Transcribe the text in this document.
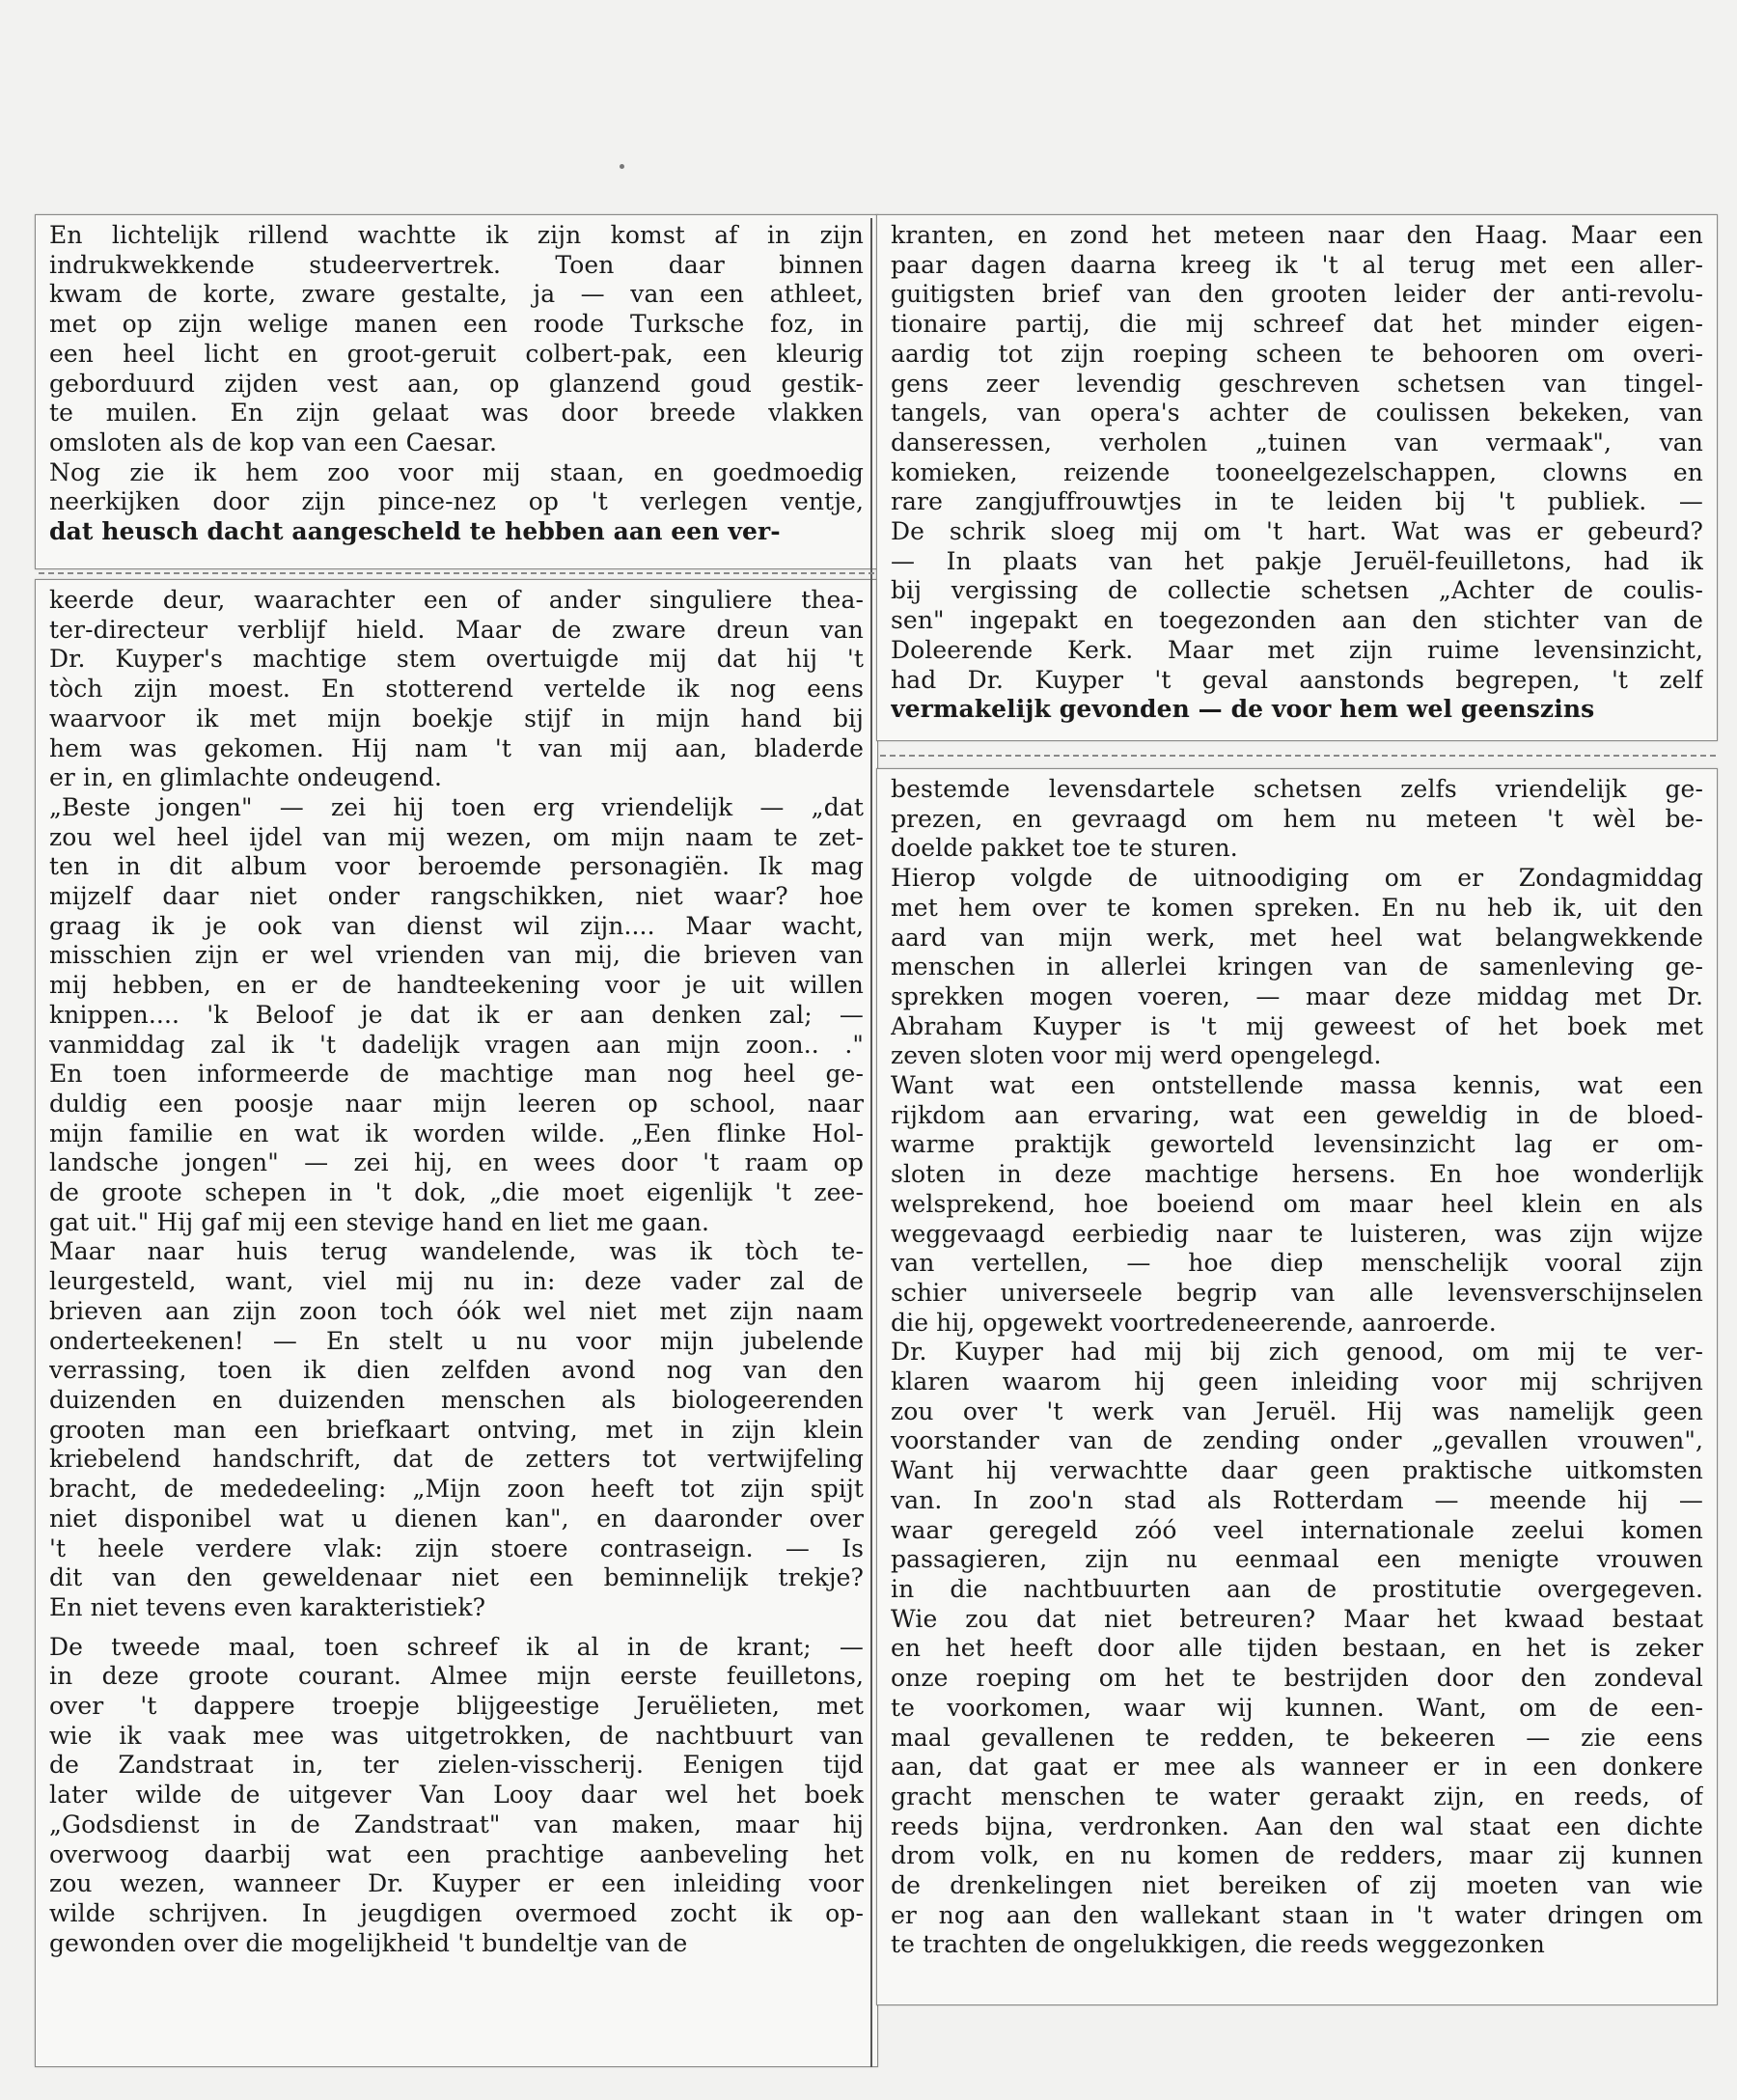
En lichtelijk rillend wachtte ik zijn komst af in zijn

indrukwekkende studeervertrek. Toen daar binnen

kwam de korte, zware gestalte, ja — van een athleet,

met op zijn welige manen een roode Turksche foz, in

een heel licht en groot-geruit colbert-pak, een kleurig

geborduurd zijden vest aan, op glanzend goud gestik-

te muilen. En zijn gelaat was door breede vlakken

omsloten als de kop van een Caesar.

Nog zie ik hem zoo voor mij staan, en goedmoedig

neerkijken door zijn pince-nez op 't verlegen ventje,

dat heusch dacht aangescheld te hebben aan een ver-

keerde deur, waarachter een of ander singuliere thea-

ter-directeur verblijf hield. Maar de zware dreun van

Dr. Kuyper's machtige stem overtuigde mij dat hij 't

tòch zijn moest. En stotterend vertelde ik nog eens

waarvoor ik met mijn boekje stijf in mijn hand bij

hem was gekomen. Hij nam 't van mij aan, bladerde

er in, en glimlachte ondeugend.

„Beste jongen" — zei hij toen erg vriendelijk — „dat

zou wel heel ijdel van mij wezen, om mijn naam te zet-

ten in dit album voor beroemde personagiën. Ik mag

mijzelf daar niet onder rangschikken, niet waar? hoe

graag ik je ook van dienst wil zijn.... Maar wacht,

misschien zijn er wel vrienden van mij, die brieven van

mij hebben, en er de handteekening voor je uit willen

knippen.... 'k Beloof je dat ik er aan denken zal; —

vanmiddag zal ik 't dadelijk vragen aan mijn zoon.. ."

En toen informeerde de machtige man nog heel ge-

duldig een poosje naar mijn leeren op school, naar

mijn familie en wat ik worden wilde. „Een flinke Hol-

landsche jongen" — zei hij, en wees door 't raam op

de groote schepen in 't dok, „die moet eigenlijk 't zee-

gat uit." Hij gaf mij een stevige hand en liet me gaan.

Maar naar huis terug wandelende, was ik tòch te-

leurgesteld, want, viel mij nu in: deze vader zal de

brieven aan zijn zoon toch óók wel niet met zijn naam

onderteekenen! — En stelt u nu voor mijn jubelende

verrassing, toen ik dien zelfden avond nog van den

duizenden en duizenden menschen als biologeerenden

grooten man een briefkaart ontving, met in zijn klein

kriebelend handschrift, dat de zetters tot vertwijfeling

bracht, de mededeeling: „Mijn zoon heeft tot zijn spijt

niet disponibel wat u dienen kan", en daaronder over

't heele verdere vlak: zijn stoere contraseign. — Is

dit van den geweldenaar niet een beminnelijk trekje?

En niet tevens even karakteristiek?

De tweede maal, toen schreef ik al in de krant; —

in deze groote courant. Almee mijn eerste feuilletons,

over 't dappere troepje blijgeestige Jeruëlieten, met

wie ik vaak mee was uitgetrokken, de nachtbuurt van

de Zandstraat in, ter zielen-visscherij. Eenigen tijd

later wilde de uitgever Van Looy daar wel het boek

„Godsdienst in de Zandstraat" van maken, maar hij

overwoog daarbij wat een prachtige aanbeveling het

zou wezen, wanneer Dr. Kuyper er een inleiding voor

wilde schrijven. In jeugdigen overmoed zocht ik op-

gewonden over die mogelijkheid 't bundeltje van de

kranten, en zond het meteen naar den Haag. Maar een

paar dagen daarna kreeg ik 't al terug met een aller-

guitigsten brief van den grooten leider der anti-revolu-

tionaire partij, die mij schreef dat het minder eigen-

aardig tot zijn roeping scheen te behooren om overi-

gens zeer levendig geschreven schetsen van tingel-

tangels, van opera's achter de coulissen bekeken, van

danseressen, verholen „tuinen van vermaak", van

komieken, reizende tooneelgezelschappen, clowns en

rare zangjuffrouwtjes in te leiden bij 't publiek. —

De schrik sloeg mij om 't hart. Wat was er gebeurd?

— In plaats van het pakje Jeruël-feuilletons, had ik

bij vergissing de collectie schetsen „Achter de coulis-

sen" ingepakt en toegezonden aan den stichter van de

Doleerende Kerk. Maar met zijn ruime levensinzicht,

had Dr. Kuyper 't geval aanstonds begrepen, 't zelf

vermakelijk gevonden — de voor hem wel geenszins

bestemde levensdartele schetsen zelfs vriendelijk ge-

prezen, en gevraagd om hem nu meteen 't wèl be-

doelde pakket toe te sturen.

Hierop volgde de uitnoodiging om er Zondagmiddag

met hem over te komen spreken. En nu heb ik, uit den

aard van mijn werk, met heel wat belangwekkende

menschen in allerlei kringen van de samenleving ge-

sprekken mogen voeren, — maar deze middag met Dr.

Abraham Kuyper is 't mij geweest of het boek met

zeven sloten voor mij werd opengelegd.

Want wat een ontstellende massa kennis, wat een

rijkdom aan ervaring, wat een geweldig in de bloed-

warme praktijk geworteld levensinzicht lag er om-

sloten in deze machtige hersens. En hoe wonderlijk

welsprekend, hoe boeiend om maar heel klein en als

weggevaagd eerbiedig naar te luisteren, was zijn wijze

van vertellen, — hoe diep menschelijk vooral zijn

schier universeele begrip van alle levensverschijnselen

die hij, opgewekt voortredeneerende, aanroerde.

Dr. Kuyper had mij bij zich genood, om mij te ver-

klaren waarom hij geen inleiding voor mij schrijven

zou over 't werk van Jeruël. Hij was namelijk geen

voorstander van de zending onder „gevallen vrouwen",

Want hij verwachtte daar geen praktische uitkomsten

van. In zoo'n stad als Rotterdam — meende hij —

waar geregeld zóó veel internationale zeelui komen

passagieren, zijn nu eenmaal een menigte vrouwen

in die nachtbuurten aan de prostitutie overgegeven.

Wie zou dat niet betreuren? Maar het kwaad bestaat

en het heeft door alle tijden bestaan, en het is zeker

onze roeping om het te bestrijden door den zondeval

te voorkomen, waar wij kunnen. Want, om de een-

maal gevallenen te redden, te bekeeren — zie eens

aan, dat gaat er mee als wanneer er in een donkere

gracht menschen te water geraakt zijn, en reeds, of

reeds bijna, verdronken. Aan den wal staat een dichte

drom volk, en nu komen de redders, maar zij kunnen

de drenkelingen niet bereiken of zij moeten van wie

er nog aan den wallekant staan in 't water dringen om

te trachten de ongelukkigen, die reeds weggezonken
